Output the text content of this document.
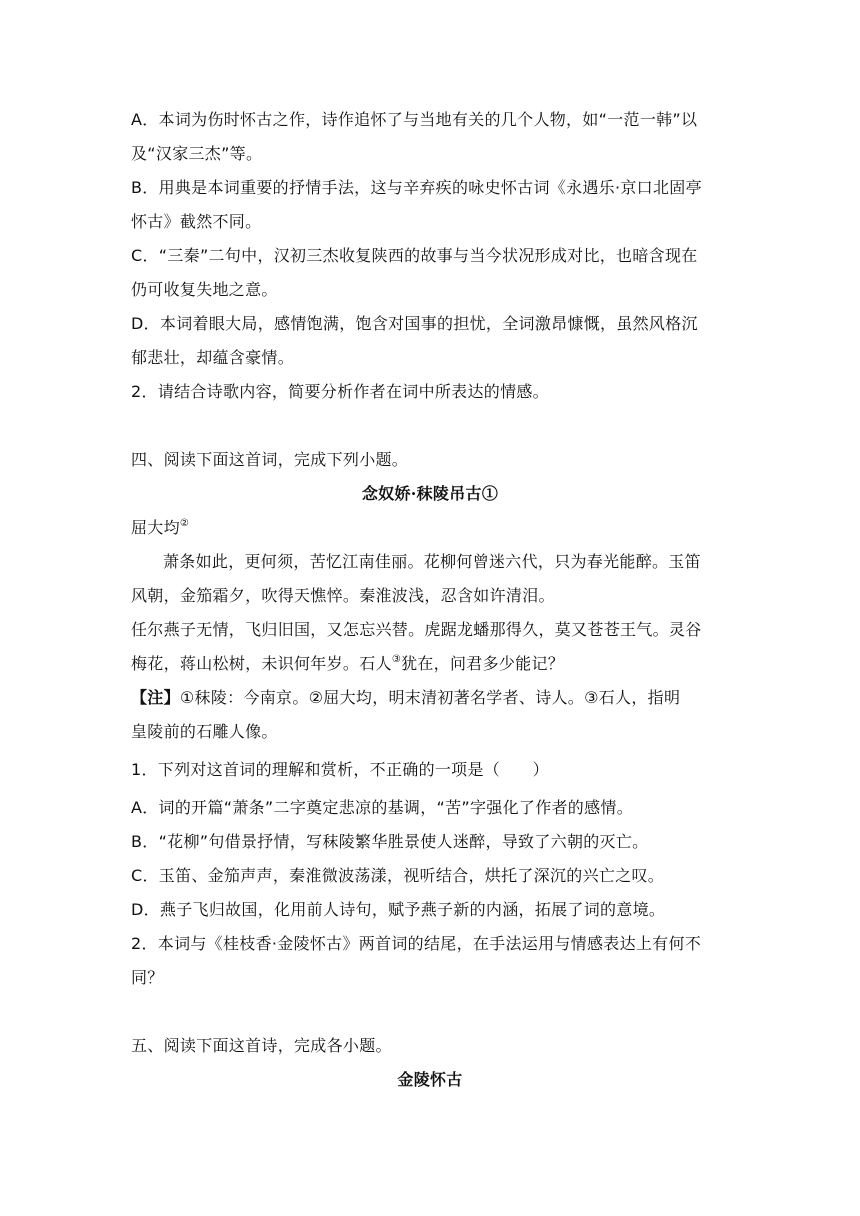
A．本词为伤时怀古之作，诗作追怀了与当地有关的几个人物，如“一范一韩”以
及“汉家三杰”等。
B．用典是本词重要的抒情手法，这与辛弃疾的咏史怀古词《永遇乐·京口北固亭
怀古》截然不同。
C．“三秦”二句中，汉初三杰收复陕西的故事与当今状况形成对比，也暗含现在
仍可收复失地之意。
D．本词着眼大局，感情饱满，饱含对国事的担忧，全词激昂慷慨，虽然风格沉
郁悲壮，却蕴含豪情。
2．请结合诗歌内容，简要分析作者在词中所表达的情感。
四、阅读下面这首词，完成下列小题。
念奴娇·秣陵吊古①
屈大均②
萧条如此，更何须，苦忆江南佳丽。花柳何曾迷六代，只为春光能醉。玉笛
风朝，金笳霜夕，吹得天憔悴。秦淮波浅，忍含如许清泪。
任尔燕子无情，飞归旧国，又怎忘兴替。虎踞龙蟠那得久，莫又苍苍王气。灵谷
梅花，蒋山松树，未识何年岁。石人③犹在，问君多少能记？
【注】①秣陵：今南京。②屈大均，明末清初著名学者、诗人。③石人，指明
皇陵前的石雕人像。
1．下列对这首词的理解和赏析，不正确的一项是（　　）
A．词的开篇“萧条”二字奠定悲凉的基调，“苦”字强化了作者的感情。
B．“花柳”句借景抒情，写秣陵繁华胜景使人迷醉，导致了六朝的灭亡。
C．玉笛、金笳声声，秦淮微波荡漾，视听结合，烘托了深沉的兴亡之叹。
D．燕子飞归故国，化用前人诗句，赋予燕子新的内涵，拓展了词的意境。
2．本词与《桂枝香·金陵怀古》两首词的结尾，在手法运用与情感表达上有何不
同？
五、阅读下面这首诗，完成各小题。
金陵怀古
